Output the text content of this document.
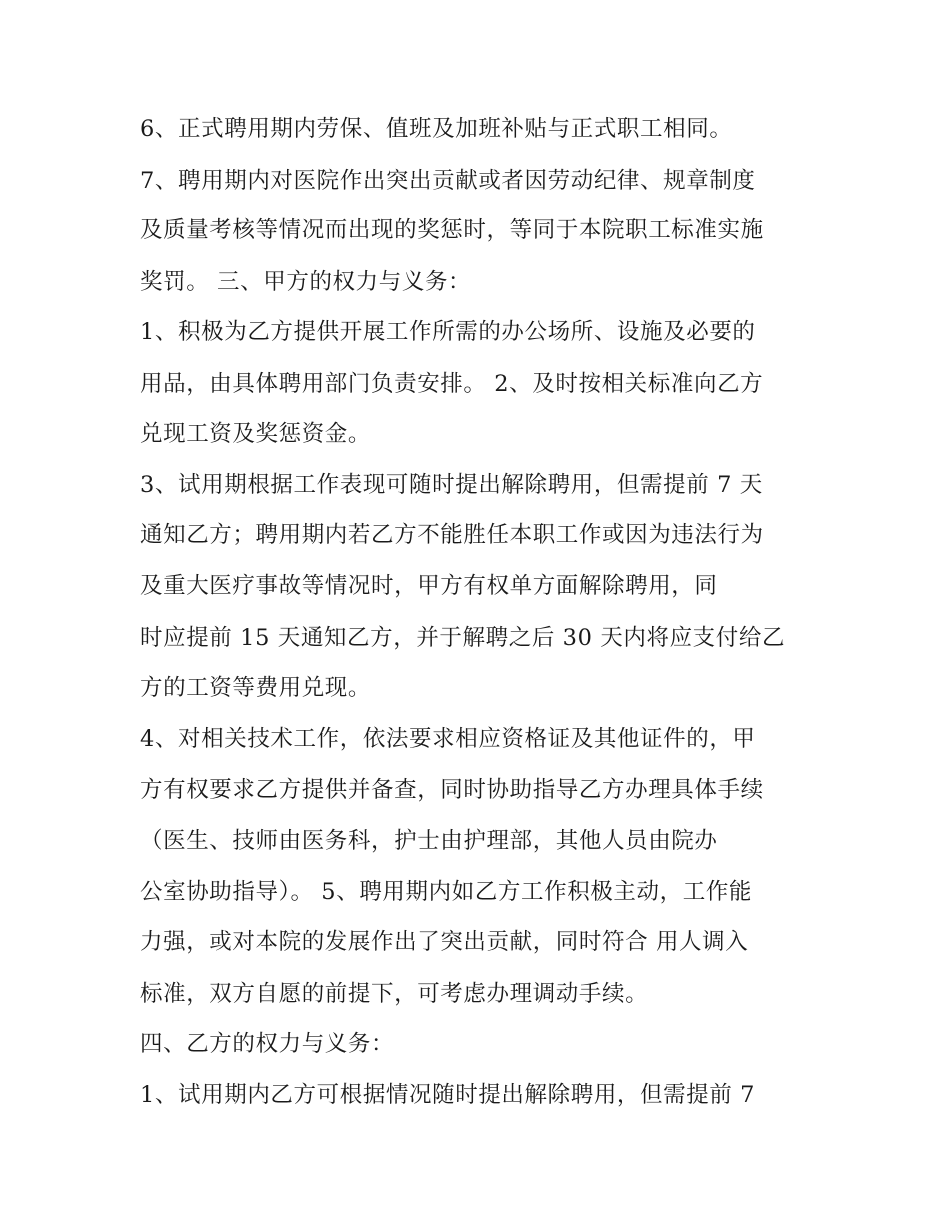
6、正式聘用期内劳保、值班及加班补贴与正式职工相同。

7、聘用期内对医院作出突出贡献或者因劳动纪律、规章制度

及质量考核等情况而出现的奖惩时，等同于本院职工标准实施

奖罚。 三、甲方的权力与义务：

1、积极为乙方提供开展工作所需的办公场所、设施及必要的

用品，由具体聘用部门负责安排。 2、及时按相关标准向乙方

兑现工资及奖惩资金。

3、试用期根据工作表现可随时提出解除聘用，但需提前 7 天

通知乙方；聘用期内若乙方不能胜任本职工作或因为违法行为

及重大医疗事故等情况时，甲方有权单方面解除聘用，同

时应提前 15 天通知乙方，并于解聘之后 30 天内将应支付给乙

方的工资等费用兑现。

4、对相关技术工作，依法要求相应资格证及其他证件的，甲

方有权要求乙方提供并备查，同时协助指导乙方办理具体手续

（医生、技师由医务科，护士由护理部，其他人员由院办

公室协助指导）。 5、聘用期内如乙方工作积极主动，工作能

力强，或对本院的发展作出了突出贡献，同时符合 用人调入

标准，双方自愿的前提下，可考虑办理调动手续。

四、乙方的权力与义务：

1、试用期内乙方可根据情况随时提出解除聘用，但需提前 7
